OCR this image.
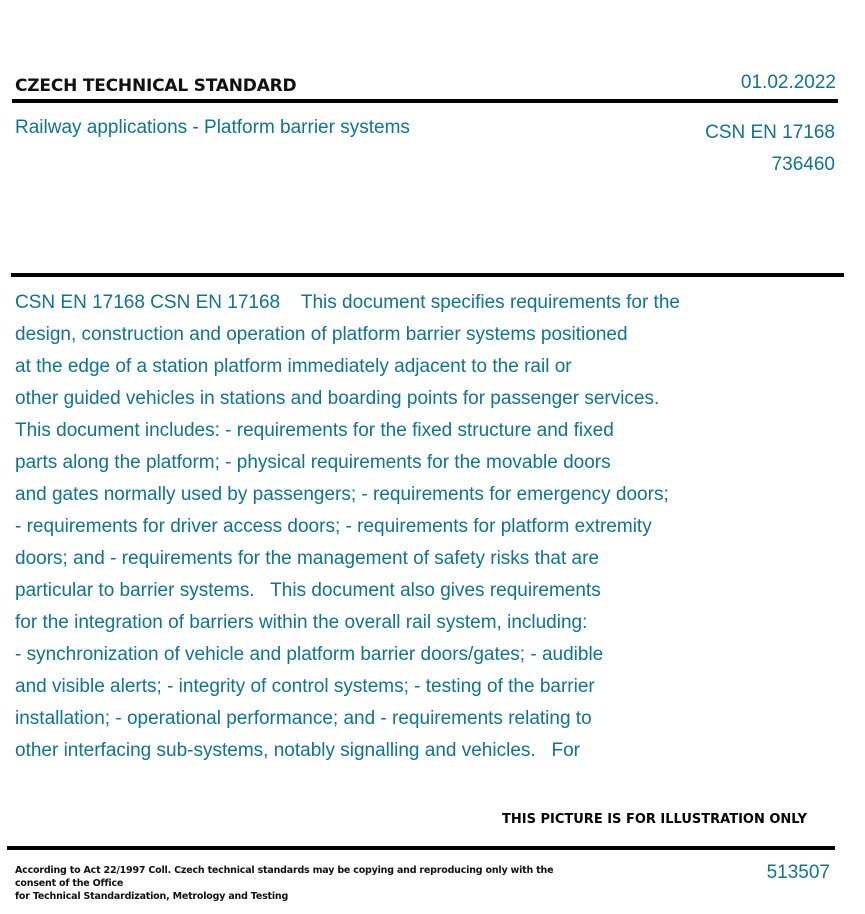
CZECH TECHNICAL STANDARD	01.02.2022
Railway applications - Platform barrier systems	CSN EN 17168
736460
CSN EN 17168 CSN EN 17168    This document specifies requirements for the
design, construction and operation of platform barrier systems positioned
at the edge of a station platform immediately adjacent to the rail or
other guided vehicles in stations and boarding points for passenger services.
This document includes: - requirements for the fixed structure and fixed
parts along the platform; - physical requirements for the movable doors
and gates normally used by passengers; - requirements for emergency doors;
- requirements for driver access doors; - requirements for platform extremity
doors; and - requirements for the management of safety risks that are
particular to barrier systems.   This document also gives requirements
for the integration of barriers within the overall rail system, including:
- synchronization of vehicle and platform barrier doors/gates; - audible
and visible alerts; - integrity of control systems; - testing of the barrier
installation; - operational performance; and - requirements relating to
other interfacing sub-systems, notably signalling and vehicles.   For
THIS PICTURE IS FOR ILLUSTRATION ONLY
According to Act 22/1997 Coll. Czech technical standards may be copying and reproducing only with the consent of the Office
for Technical Standardization, Metrology and Testing
513507
